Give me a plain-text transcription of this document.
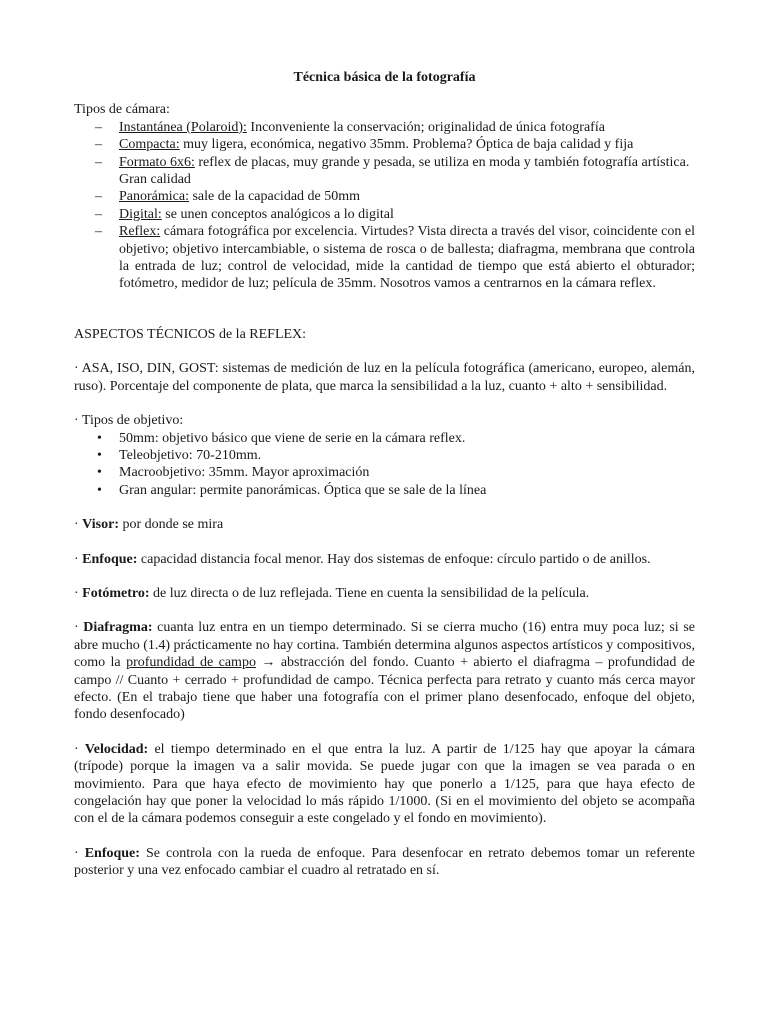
Técnica básica de la fotografía

Tipos de cámara:

– Instantánea (Polaroid): Inconveniente la conservación; originalidad de única fotografía
– Compacta: muy ligera, económica, negativo 35mm. Problema? Óptica de baja calidad y fija
– Formato 6x6: reflex de placas, muy grande y pesada, se utiliza en moda y también fotografía artística. Gran calidad
– Panorámica: sale de la capacidad de 50mm
– Digital: se unen conceptos analógicos a lo digital
– Reflex: cámara fotográfica por excelencia. Virtudes? Vista directa a través del visor, coincidente con el objetivo; objetivo intercambiable, o sistema de rosca o de ballesta; diafragma, membrana que controla la entrada de luz; control de velocidad, mide la cantidad de tiempo que está abierto el obturador; fotómetro, medidor de luz; película de 35mm. Nosotros vamos a centrarnos en la cámara reflex.

ASPECTOS TÉCNICOS de la REFLEX:

· ASA, ISO, DIN, GOST: sistemas de medición de luz en la película fotográfica (americano, europeo, alemán, ruso). Porcentaje del componente de plata, que marca la sensibilidad a la luz, cuanto + alto + sensibilidad.

· Tipos de objetivo:

• 50mm: objetivo básico que viene de serie en la cámara reflex.
• Teleobjetivo: 70-210mm.
• Macroobjetivo: 35mm. Mayor aproximación
• Gran angular: permite panorámicas. Óptica que se sale de la línea

· Visor: por donde se mira

· Enfoque: capacidad distancia focal menor. Hay dos sistemas de enfoque: círculo partido o de anillos.

· Fotómetro: de luz directa o de luz reflejada. Tiene en cuenta la sensibilidad de la película.

· Diafragma: cuanta luz entra en un tiempo determinado. Si se cierra mucho (16) entra muy poca luz; si se abre mucho (1.4) prácticamente no hay cortina. También determina algunos aspectos artísticos y compositivos, como la profundidad de campo → abstracción del fondo. Cuanto + abierto el diafragma – profundidad de campo // Cuanto + cerrado + profundidad de campo. Técnica perfecta para retrato y cuanto más cerca mayor efecto. (En el trabajo tiene que haber una fotografía con el primer plano desenfocado, enfoque del objeto, fondo desenfocado)

· Velocidad: el tiempo determinado en el que entra la luz. A partir de 1/125 hay que apoyar la cámara (trípode) porque la imagen va a salir movida. Se puede jugar con que la imagen se vea parada o en movimiento. Para que haya efecto de movimiento hay que ponerlo a 1/125, para que haya efecto de congelación hay que poner la velocidad lo más rápido 1/1000. (Si en el movimiento del objeto se acompaña con el de la cámara podemos conseguir a este congelado y el fondo en movimiento).

· Enfoque: Se controla con la rueda de enfoque. Para desenfocar en retrato debemos tomar un referente posterior y una vez enfocado cambiar el cuadro al retratado en sí.
